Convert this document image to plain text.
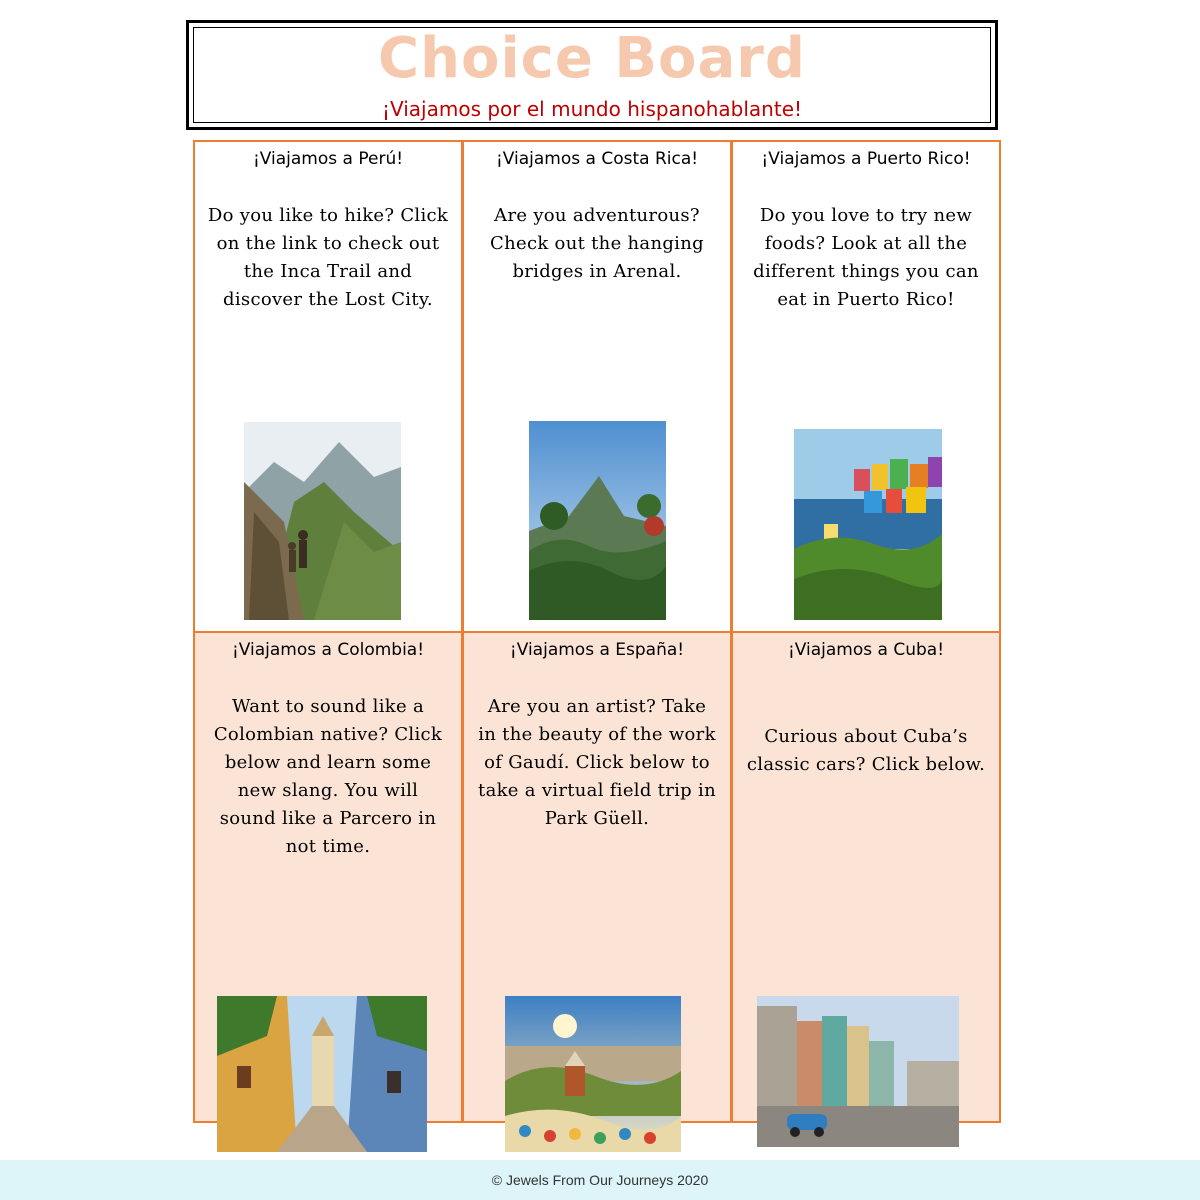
Choice Board
¡Viajamos por el mundo hispanohablante!
¡Viajamos a Perú!
Do you like to hike? Click on the link to check out the Inca Trail and discover the Lost City.
¡Viajamos a Costa Rica!
Are you adventurous? Check out the hanging bridges in Arenal.
¡Viajamos a Puerto Rico!
Do you love to try new foods? Look at all the different things you can eat in Puerto Rico!
¡Viajamos a Colombia!
Want to sound like a Colombian native? Click below and learn some new slang. You will sound like a Parcero in not time.
¡Viajamos a España!
Are you an artist? Take in the beauty of the work of Gaudí. Click below to take a virtual field trip in Park Güell.
¡Viajamos a Cuba!
Curious about Cuba’s classic cars? Click below.
© Jewels From Our Journeys 2020
